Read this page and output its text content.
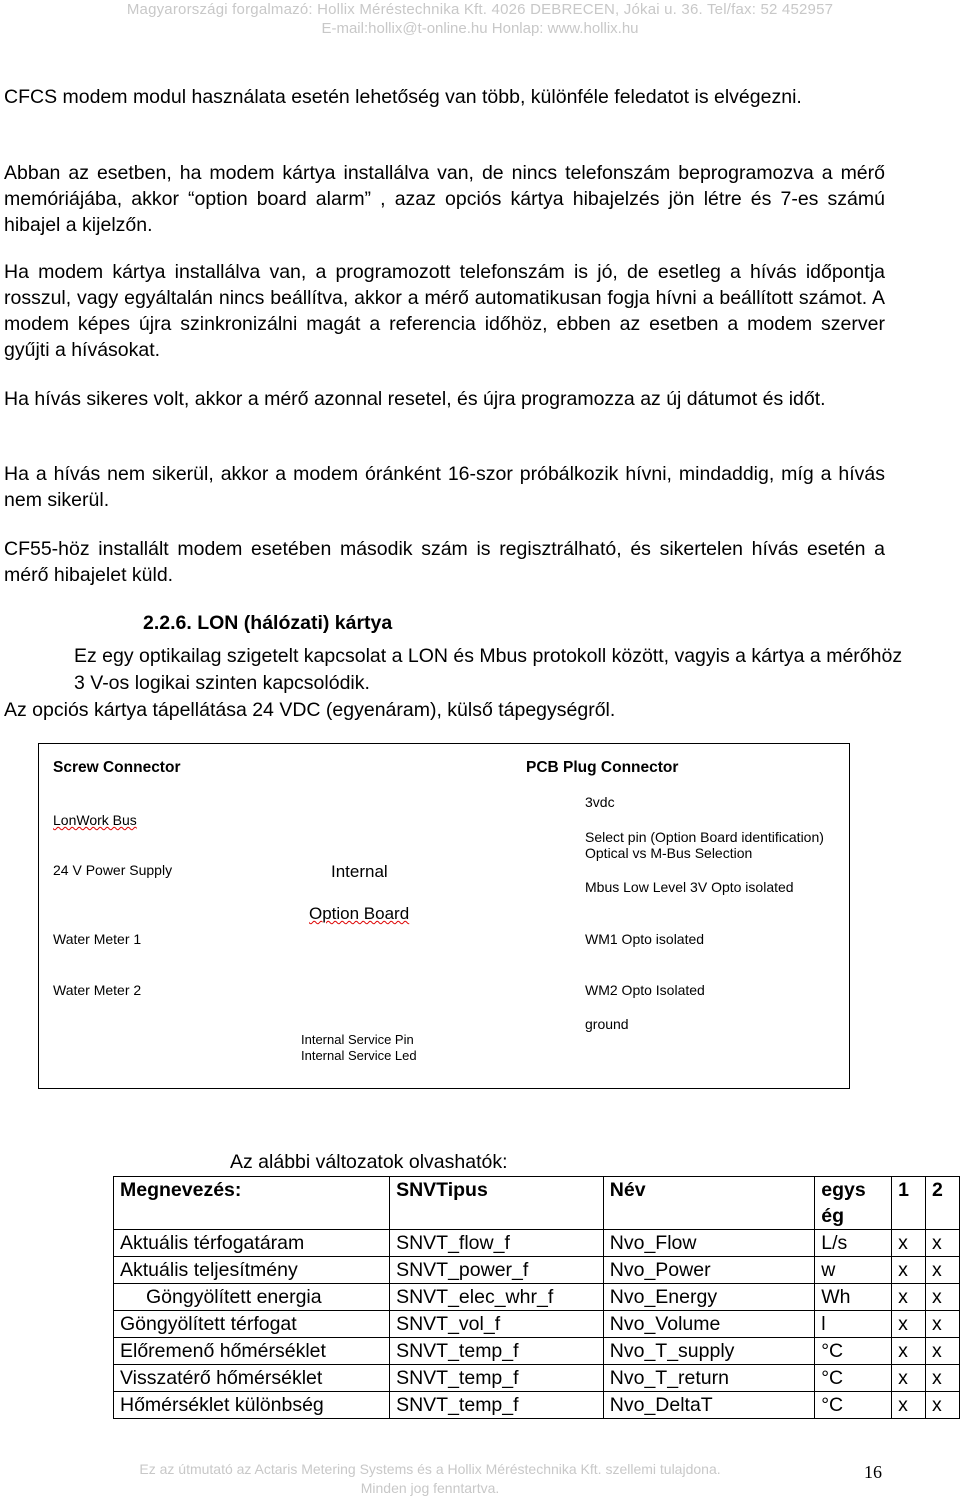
Magyarországi forgalmazó: Hollix Méréstechnika Kft. 4026 DEBRECEN, Jókai u. 36. Tel/fax: 52 452957
E-mail:hollix@t-online.hu Honlap: www.hollix.hu

CFCS modem modul használata esetén lehetőség van több, különféle feledatot is elvégezni.

Abban az esetben, ha modem kártya installálva van, de nincs telefonszám beprogramozva a mérő memóriájába, akkor “option board alarm” , azaz opciós kártya hibajelzés jön létre és 7-es számú hibajel a kijelzőn.

Ha modem kártya installálva van, a programozott telefonszám is jó, de esetleg a hívás időpontja rosszul, vagy egyáltalán nincs beállítva, akkor a mérő automatikusan fogja hívni a beállított számot. A modem képes újra szinkronizálni magát a referencia időhöz, ebben az esetben a modem szerver gyűjti a hívásokat.

Ha hívás sikeres volt, akkor a mérő azonnal resetel, és újra programozza az új dátumot és időt.

Ha a hívás nem sikerül, akkor a modem óránként 16-szor próbálkozik hívni, mindaddig, míg a hívás nem sikerül.

CF55-höz installált modem esetében második szám is regisztrálható, és sikertelen hívás esetén a mérő hibajelet küld.

2.2.6. LON (hálózati) kártya
Ez egy optikailag szigetelt kapcsolat a LON és Mbus protokoll között, vagyis a kártya a mérőhöz 3 V-os logikai szinten kapcsolódik.
Az opciós kártya tápellátása 24 VDC (egyenáram), külső tápegységről.
Screw Connector
LonWork Bus
24 V Power Supply
Water Meter 1
Water Meter 2
Internal
Option Board
Internal Service Pin
Internal Service Led
PCB Plug Connector
3vdc
Select pin (Option Board identification)
Optical vs M-Bus Selection
Mbus Low Level 3V Opto isolated
WM1 Opto isolated
WM2 Opto Isolated
ground
Az alábbi változatok olvashatók:
Megnevezés:	SNVTipus	Név	egys ég	1	2
Aktuális térfogatáram	SNVT_flow_f	Nvo_Flow	L/s	x	x
Aktuális teljesítmény	SNVT_power_f	Nvo_Power	w	x	x
Göngyölített energia	SNVT_elec_whr_f	Nvo_Energy	Wh	x	x
Göngyölített térfogat	SNVT_vol_f	Nvo_Volume	l	x	x
Előremenő hőmérséklet	SNVT_temp_f	Nvo_T_supply	°C	x	x
Visszatérő hőmérséklet	SNVT_temp_f	Nvo_T_return	°C	x	x
Hőmérséklet különbség	SNVT_temp_f	Nvo_DeltaT	°C	x	x
Ez az útmutató az Actaris Metering Systems és a Hollix Méréstechnika Kft. szellemi tulajdona.
Minden jog fenntartva.
16
